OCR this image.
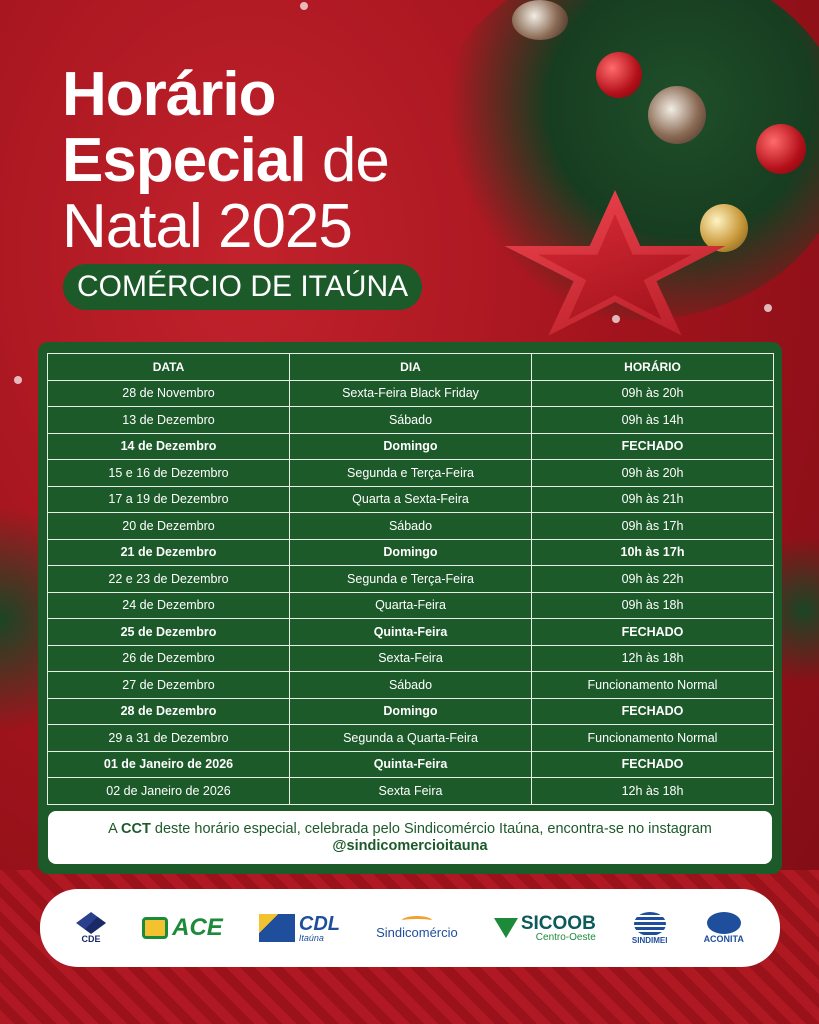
Horário
Especial de
Natal 2025
COMÉRCIO DE ITAÚNA
DATA	DIA	HORÁRIO
28 de Novembro	Sexta-Feira Black Friday	09h às 20h
13 de Dezembro	Sábado	09h às 14h
14 de Dezembro	Domingo	FECHADO
15 e 16 de Dezembro	Segunda e Terça-Feira	09h às 20h
17 a 19 de Dezembro	Quarta a Sexta-Feira	09h às 21h
20 de Dezembro	Sábado	09h às 17h
21 de Dezembro	Domingo	10h às 17h
22 e 23 de Dezembro	Segunda e Terça-Feira	09h às 22h
24 de Dezembro	Quarta-Feira	09h às 18h
25 de Dezembro	Quinta-Feira	FECHADO
26 de Dezembro	Sexta-Feira	12h às 18h
27 de Dezembro	Sábado	Funcionamento Normal
28 de Dezembro	Domingo	FECHADO
29 a 31 de Dezembro	Segunda a Quarta-Feira	Funcionamento Normal
01 de Janeiro de 2026	Quinta-Feira	FECHADO
02 de Janeiro de 2026	Sexta Feira	12h às 18h
A CCT deste horário especial, celebrada pelo Sindicomércio Itaúna, encontra-se no instagram @sindicomercioitauna
CDE	ACE	CDL
Itaúna	Sindicomércio	SICOOB
Centro-Oeste	SINDIMEI	ACONITA
